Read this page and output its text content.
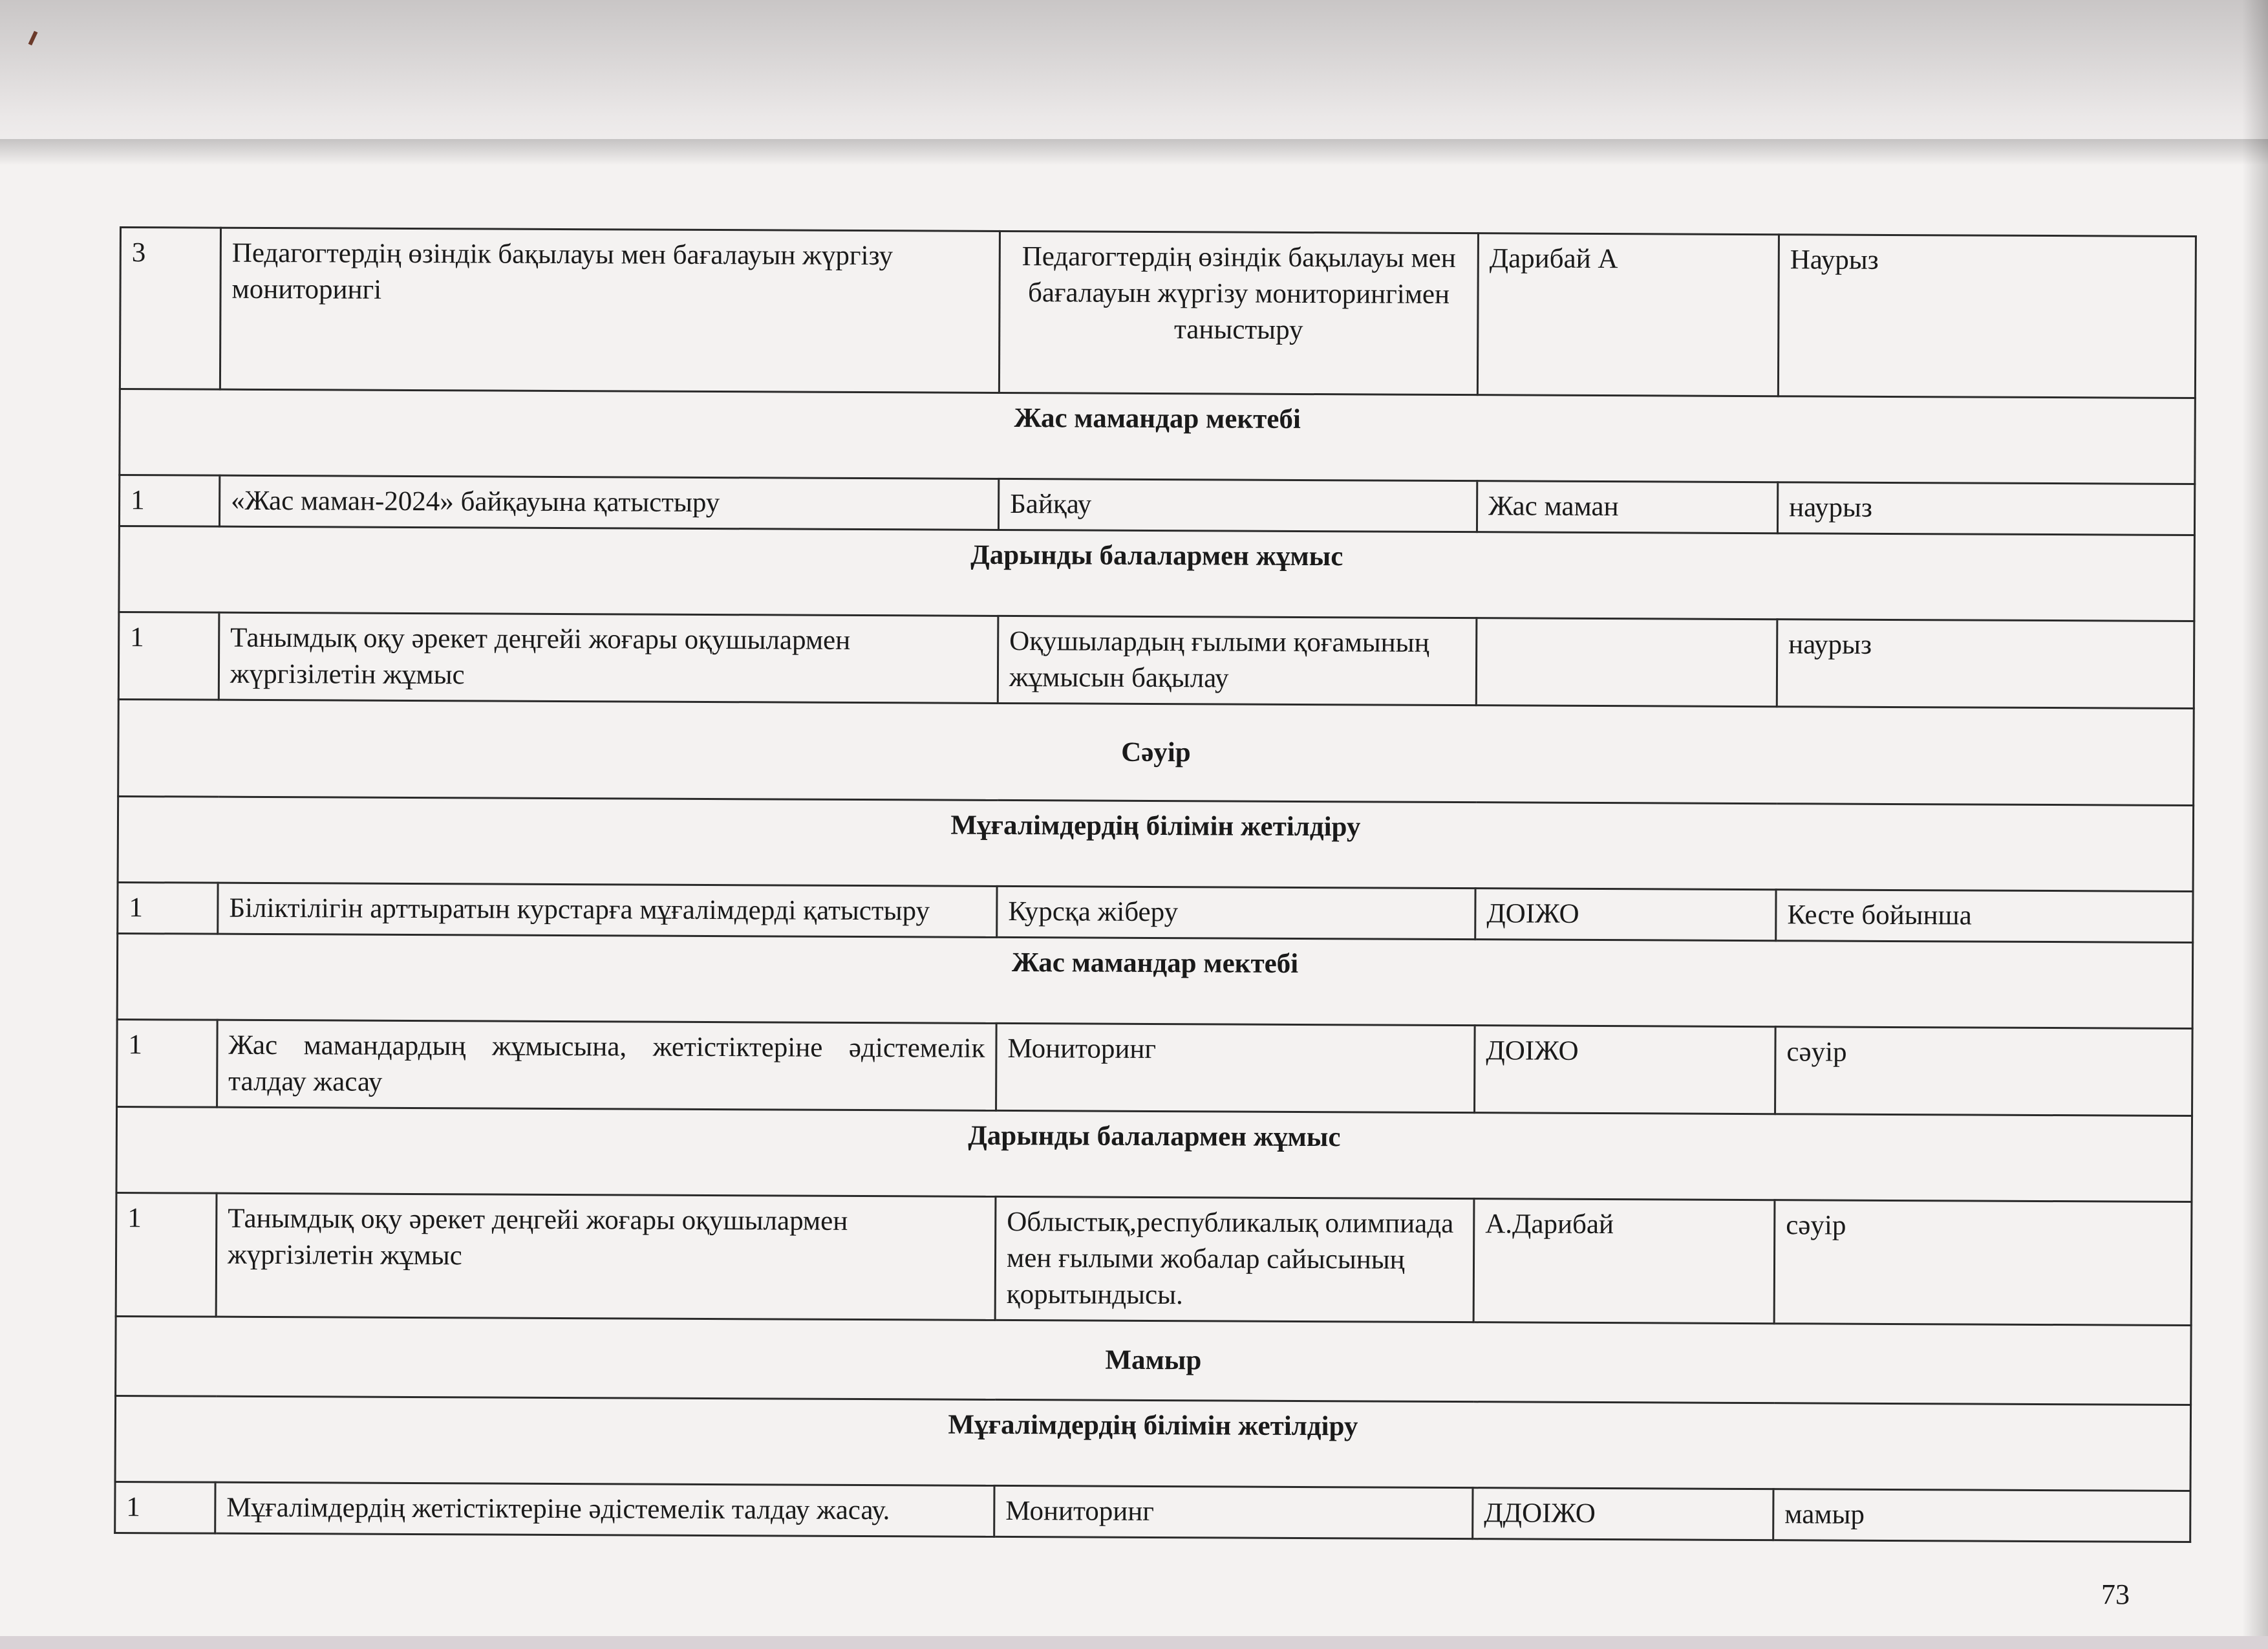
3	Педагогтердің өзіндік бақылауы мен бағалауын жүргізу мониторингі	Педагогтердің өзіндік бақылауы мен бағалауын жүргізу мониторингімен таныстыру	Дарибай А	Наурыз
Жас мамандар мектебі				
1	«Жас маман-2024» байқауына қатыстыру	Байқау	Жас маман	наурыз
Дарынды балалармен жұмыс				
1	Танымдық оқу әрекет деңгейі жоғары оқушылармен жүргізілетін жұмыс	Оқушылардың ғылыми қоғамының жұмысын бақылау		наурыз
Сәуір				
Мұғалімдердің білімін жетілдіру				
1	Біліктілігін арттыратын курстарға мұғалімдерді қатыстыру	Курсқа жіберу	ДОІЖО	Кесте бойынша
Жас мамандар мектебі				
1	Жас мамандардың жұмысына, жетістіктеріне әдістемелік талдау жасау	Мониторинг	ДОІЖО	сәуір
Дарынды балалармен жұмыс				
1	Танымдық оқу әрекет деңгейі жоғары оқушылармен жүргізілетін жұмыс	Облыстық,республикалық олимпиада мен ғылыми жобалар сайысының қорытындысы.	А.Дарибай	сәуір
Мамыр				
Мұғалімдердің білімін жетілдіру				
1	Мұғалімдердің жетістіктеріне әдістемелік талдау жасау.	Мониторинг	ДДОІЖО	мамыр
73
